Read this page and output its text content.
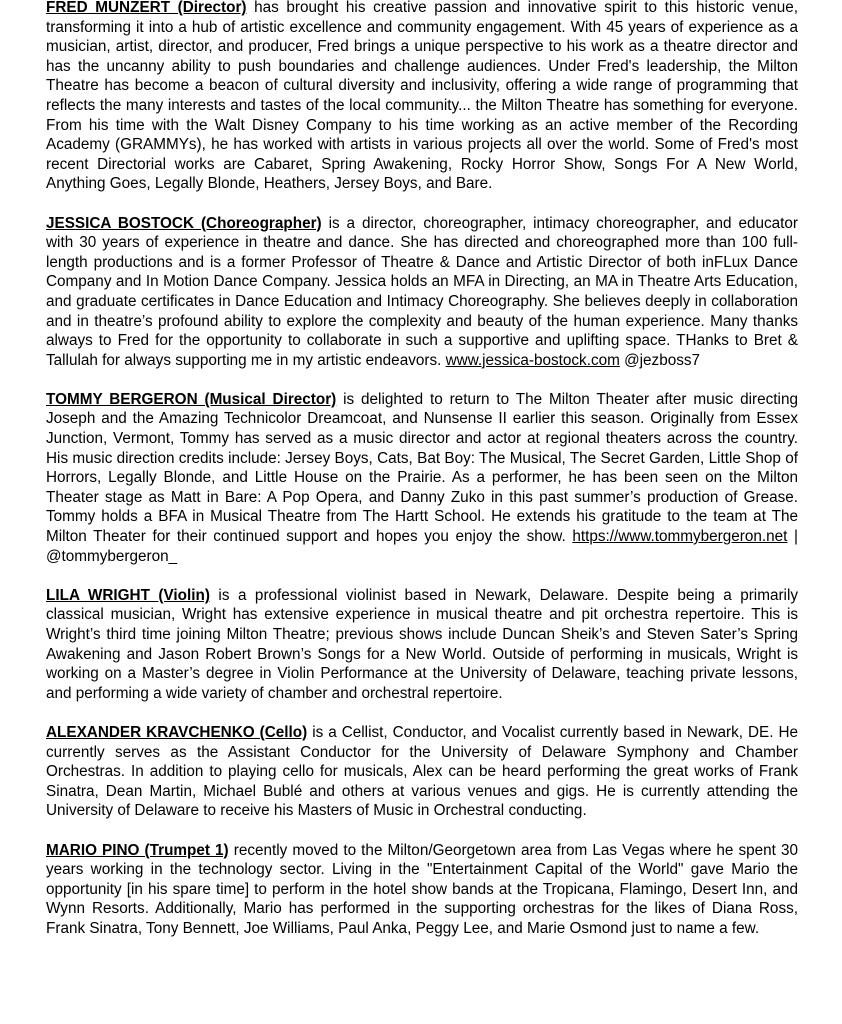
FRED MUNZERT (Director) has brought his creative passion and innovative spirit to this historic venue, transforming it into a hub of artistic excellence and community engagement. With 45 years of experience as a musician, artist, director, and producer, Fred brings a unique perspective to his work as a theatre director and has the uncanny ability to push boundaries and challenge audiences. Under Fred's leadership, the Milton Theatre has become a beacon of cultural diversity and inclusivity, offering a wide range of programming that reflects the many interests and tastes of the local community... the Milton Theatre has something for everyone. From his time with the Walt Disney Company to his time working as an active member of the Recording Academy (GRAMMYs), he has worked with artists in various projects all over the world. Some of Fred's most recent Directorial works are Cabaret, Spring Awakening, Rocky Horror Show, Songs For A New World, Anything Goes, Legally Blonde, Heathers, Jersey Boys, and Bare.

JESSICA BOSTOCK (Choreographer) is a director, choreographer, intimacy choreographer, and educator with 30 years of experience in theatre and dance. She has directed and choreographed more than 100 full-length productions and is a former Professor of Theatre & Dance and Artistic Director of both inFLux Dance Company and In Motion Dance Company. Jessica holds an MFA in Directing, an MA in Theatre Arts Education, and graduate certificates in Dance Education and Intimacy Choreography. She believes deeply in collaboration and in theatre’s profound ability to explore the complexity and beauty of the human experience. Many thanks always to Fred for the opportunity to collaborate in such a supportive and uplifting space. THanks to Bret & Tallulah for always supporting me in my artistic endeavors. www.jessica-bostock.com @jezboss7

TOMMY BERGERON (Musical Director) is delighted to return to The Milton Theater after music directing Joseph and the Amazing Technicolor Dreamcoat, and Nunsense II earlier this season. Originally from Essex Junction, Vermont, Tommy has served as a music director and actor at regional theaters across the country. His music direction credits include: Jersey Boys, Cats, Bat Boy: The Musical, The Secret Garden, Little Shop of Horrors, Legally Blonde, and Little House on the Prairie. As a performer, he has been seen on the Milton Theater stage as Matt in Bare: A Pop Opera, and Danny Zuko in this past summer’s production of Grease. Tommy holds a BFA in Musical Theatre from The Hartt School. He extends his gratitude to the team at The Milton Theater for their continued support and hopes you enjoy the show. https://www.tommybergeron.net | @tommybergeron_

LILA WRIGHT (Violin) is a professional violinist based in Newark, Delaware. Despite being a primarily classical musician, Wright has extensive experience in musical theatre and pit orchestra repertoire. This is Wright’s third time joining Milton Theatre; previous shows include Duncan Sheik’s and Steven Sater’s Spring Awakening and Jason Robert Brown’s Songs for a New World. Outside of performing in musicals, Wright is working on a Master’s degree in Violin Performance at the University of Delaware, teaching private lessons, and performing a wide variety of chamber and orchestral repertoire.

ALEXANDER KRAVCHENKO (Cello) is a Cellist, Conductor, and Vocalist currently based in Newark, DE. He currently serves as the Assistant Conductor for the University of Delaware Symphony and Chamber Orchestras. In addition to playing cello for musicals, Alex can be heard performing the great works of Frank Sinatra, Dean Martin, Michael Bublé and others at various venues and gigs. He is currently attending the University of Delaware to receive his Masters of Music in Orchestral conducting.

MARIO PINO (Trumpet 1) recently moved to the Milton/Georgetown area from Las Vegas where he spent 30 years working in the technology sector. Living in the "Entertainment Capital of the World" gave Mario the opportunity [in his spare time] to perform in the hotel show bands at the Tropicana, Flamingo, Desert Inn, and Wynn Resorts. Additionally, Mario has performed in the supporting orchestras for the likes of Diana Ross, Frank Sinatra, Tony Bennett, Joe Williams, Paul Anka, Peggy Lee, and Marie Osmond just to name a few.
